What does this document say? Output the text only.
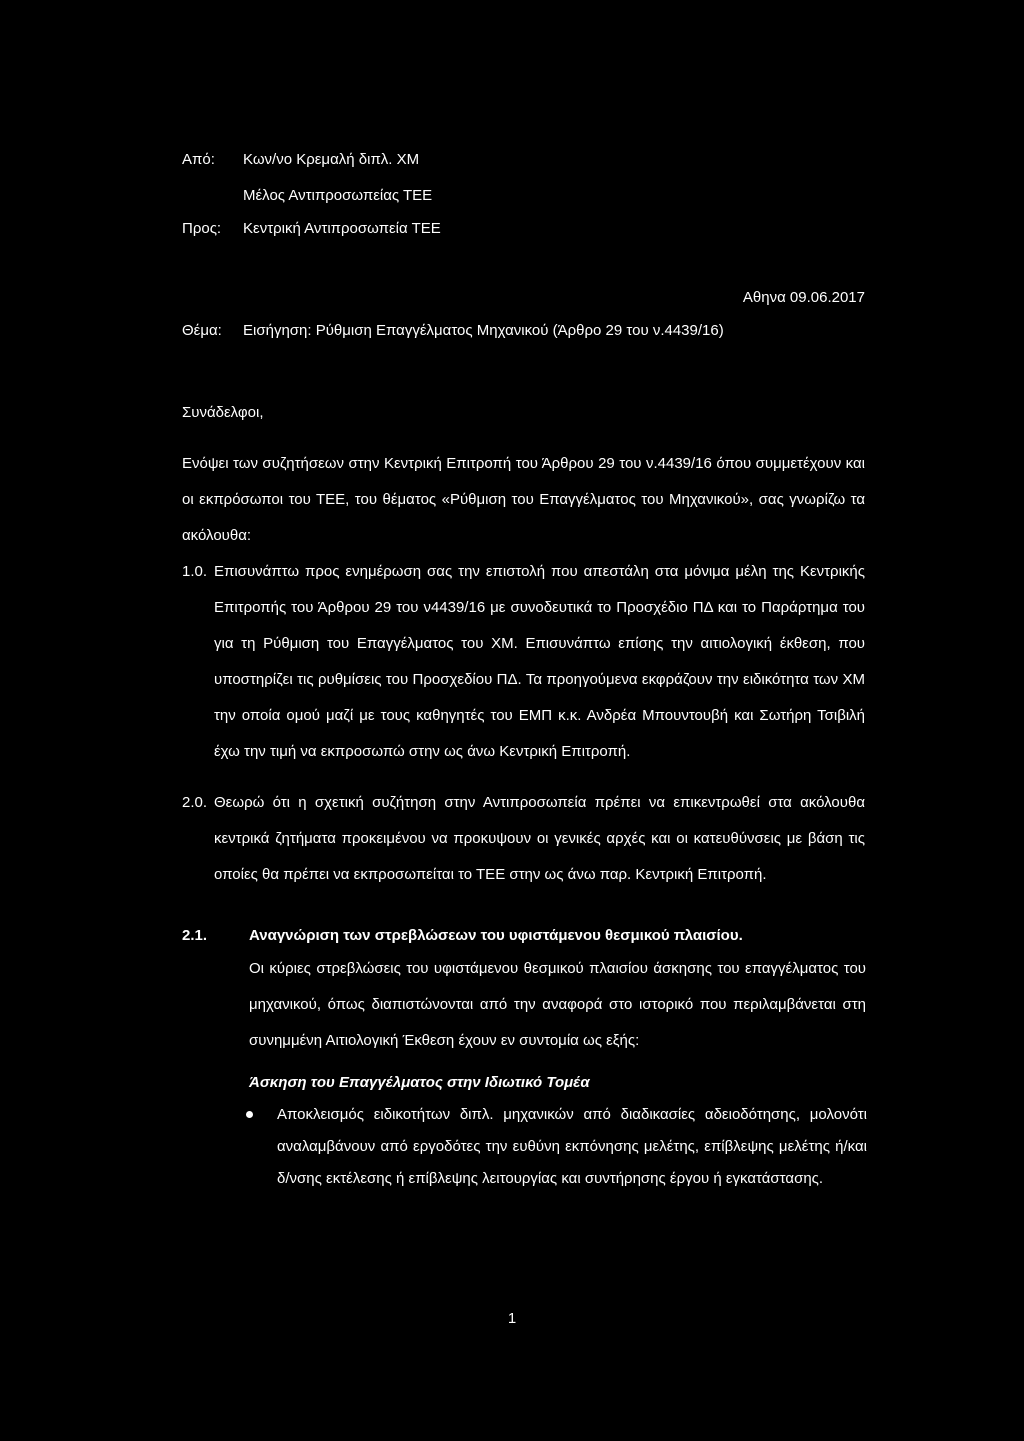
Από: Κων/νο Κρεμαλή διπλ. ΧΜ
Μέλος Αντιπροσωπείας ΤΕΕ
Προς: Κεντρική Αντιπροσωπεία ΤΕΕ
Αθηνα 09.06.2017
Θέμα: Εισήγηση: Ρύθμιση Επαγγέλματος Μηχανικού (Άρθρο 29 του ν.4439/16)
Συνάδελφοι,

Ενόψει των συζητήσεων στην Κεντρική Επιτροπή του Άρθρου 29 του ν.4439/16 όπου συμμετέχουν και οι εκπρόσωποι του ΤΕΕ, του θέματος «Ρύθμιση του Επαγγέλματος του Μηχανικού», σας γνωρίζω τα ακόλουθα:

1.0. Επισυνάπτω προς ενημέρωση σας την επιστολή που απεστάλη στα μόνιμα μέλη της Κεντρικής Επιτροπής του Άρθρου 29 του ν4439/16 με συνοδευτικά το Προσχέδιο ΠΔ και το Παράρτημα του για τη Ρύθμιση του Επαγγέλματος του ΧΜ. Επισυνάπτω επίσης την αιτιολογική έκθεση, που υποστηρίζει τις ρυθμίσεις του Προσχεδίου ΠΔ. Τα προηγούμενα εκφράζουν την ειδικότητα των ΧΜ την οποία ομού μαζί με τους καθηγητές του ΕΜΠ κ.κ. Ανδρέα Μπουντουβή και Σωτήρη Τσιβιλή έχω την τιμή να εκπροσωπώ στην ως άνω Κεντρική Επιτροπή.

2.0. Θεωρώ ότι η σχετική συζήτηση στην Αντιπροσωπεία πρέπει να επικεντρωθεί στα ακόλουθα κεντρικά ζητήματα προκειμένου να προκυψουν οι γενικές αρχές και οι κατευθύνσεις με βάση τις οποίες θα πρέπει να εκπροσωπείται το ΤΕΕ στην ως άνω παρ. Κεντρική Επιτροπή.

2.1.	Αναγνώριση των στρεβλώσεων του υφιστάμενου θεσμικού πλαισίου.

Οι κύριες στρεβλώσεις του υφιστάμενου θεσμικού πλαισίου άσκησης του επαγγέλματος του μηχανικού, όπως διαπιστώνονται από την αναφορά στο ιστορικό που περιλαμβάνεται στη συνημμένη Αιτιολογική Έκθεση έχουν εν συντομία ως εξής:

Άσκηση του Επαγγέλματος στην Ιδιωτικό Τομέα

Αποκλεισμός ειδικοτήτων διπλ. μηχανικών από διαδικασίες αδειοδότησης, μολονότι αναλαμβάνουν από εργοδότες την ευθύνη εκπόνησης μελέτης, επίβλεψης μελέτης ή/και δ/νσης εκτέλεσης ή επίβλεψης λειτουργίας και συντήρησης έργου ή εγκατάστασης.

1
